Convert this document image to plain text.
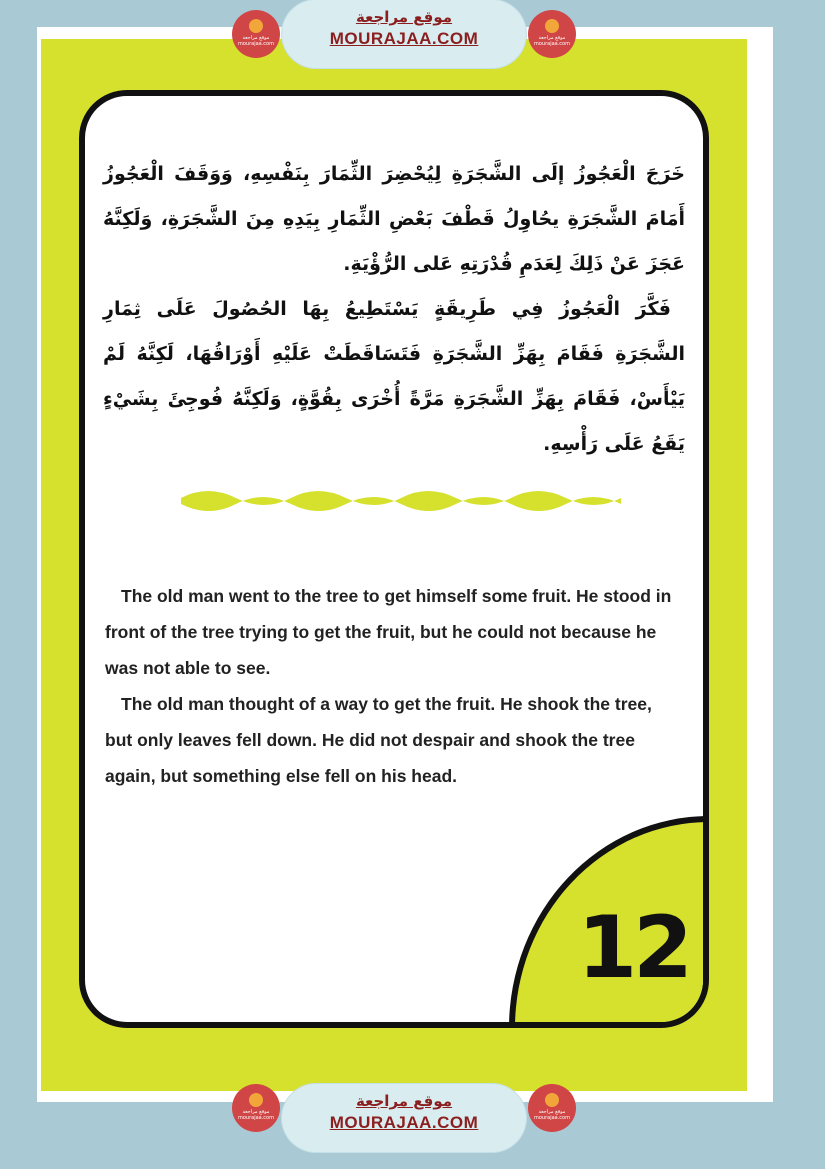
خَرَجَ الْعَجُوزُ إلَى الشَّجَرَةِ لِيُحْضِرَ الثِّمَارَ بِنَفْسِهِ، وَوَقَفَ الْعَجُوزُ أَمَامَ الشَّجَرَةِ يحُاوِلُ قَطْفَ بَعْضِ الثِّمَارِ بِيَدِهِ مِنَ الشَّجَرَةِ، وَلَكِنَّهُ عَجَزَ عَنْ ذَلِكَ لِعَدَمِ قُدْرَتِهِ عَلى الرُّؤْيَةِ.

فَكَّرَ الْعَجُوزُ فِي طَرِيقَةٍ يَسْتَطِيعُ بِهَا الحُصُولَ عَلَى ثِمَارِ الشَّجَرَةِ فَقَامَ بِهَزِّ الشَّجَرَةِ فَتَسَاقَطَتْ عَلَيْهِ أَوْرَاقُهَا، لَكِنَّهُ لَمْ يَيْأَسْ، فَقَامَ بِهَزِّ الشَّجَرَةِ مَرَّةً أُخْرَى بِقُوَّةٍ، وَلَكِنَّهُ فُوجِئَ بِشَيْءٍ يَقَعُ عَلَى رَأْسِهِ.

The old man went to the tree to get himself some fruit. He stood in front of the tree trying to get the fruit, but he could not because he was not able to see.

The old man thought of a way to get the fruit. He shook the tree, but only leaves fell down. He did not despair and shook the tree again, but something else fell on his head.

12
موقع مراجعة
mourajaa.com
موقع مراجعة
MOURAJAA.COM	موقع مراجعة
mourajaa.com
موقع مراجعة
mourajaa.com
موقع مراجعة
MOURAJAA.COM
موقع مراجعة
mourajaa.com
